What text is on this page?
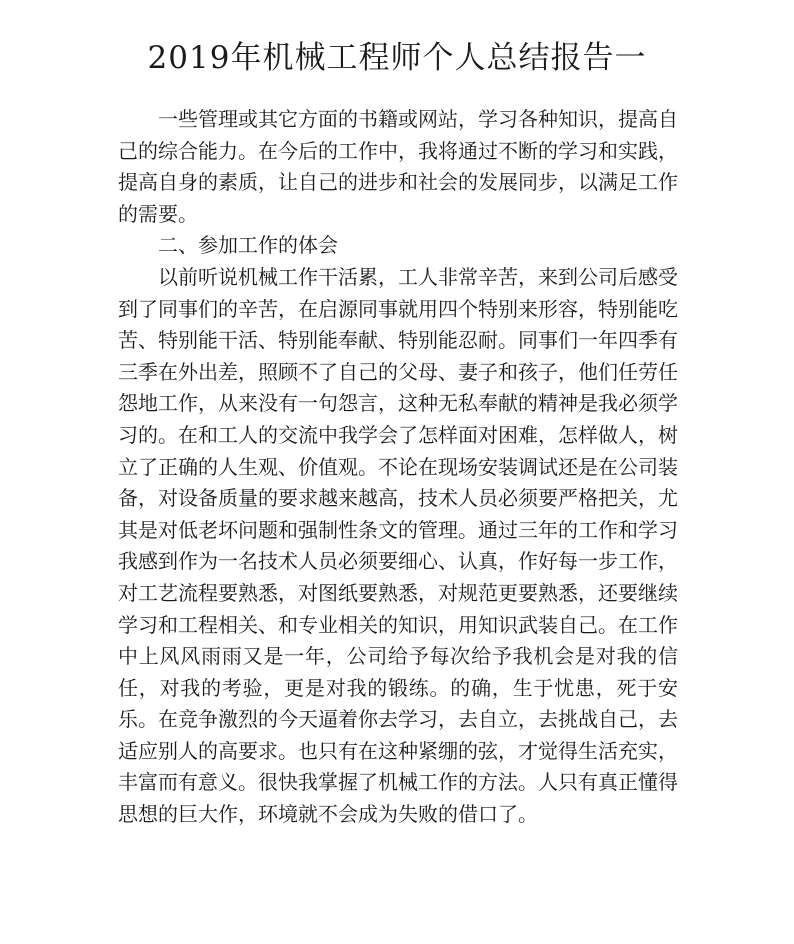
2019年机械工程师个人总结报告一

一些管理或其它方面的书籍或网站，学习各种知识，提高自己的综合能力。在今后的工作中，我将通过不断的学习和实践，提高自身的素质，让自己的进步和社会的发展同步，以满足工作的需要。

二、参加工作的体会

以前听说机械工作干活累，工人非常辛苦，来到公司后感受到了同事们的辛苦，在启源同事就用四个特别来形容，特别能吃苦、特别能干活、特别能奉献、特别能忍耐。同事们一年四季有三季在外出差，照顾不了自己的父母、妻子和孩子，他们任劳任怨地工作，从来没有一句怨言，这种无私奉献的精神是我必须学习的。在和工人的交流中我学会了怎样面对困难，怎样做人，树立了正确的人生观、价值观。不论在现场安装调试还是在公司装备，对设备质量的要求越来越高，技术人员必须要严格把关，尤其是对低老坏问题和强制性条文的管理。通过三年的工作和学习我感到作为一名技术人员必须要细心、认真，作好每一步工作，对工艺流程要熟悉，对图纸要熟悉，对规范更要熟悉，还要继续学习和工程相关、和专业相关的知识，用知识武装自己。在工作中上风风雨雨又是一年，公司给予每次给予我机会是对我的信任，对我的考验，更是对我的锻练。的确，生于忧患，死于安乐。在竞争激烈的今天逼着你去学习，去自立，去挑战自己，去适应别人的高要求。也只有在这种紧绷的弦，才觉得生活充实，丰富而有意义。很快我掌握了机械工作的方法。人只有真正懂得思想的巨大作，环境就不会成为失败的借口了。
